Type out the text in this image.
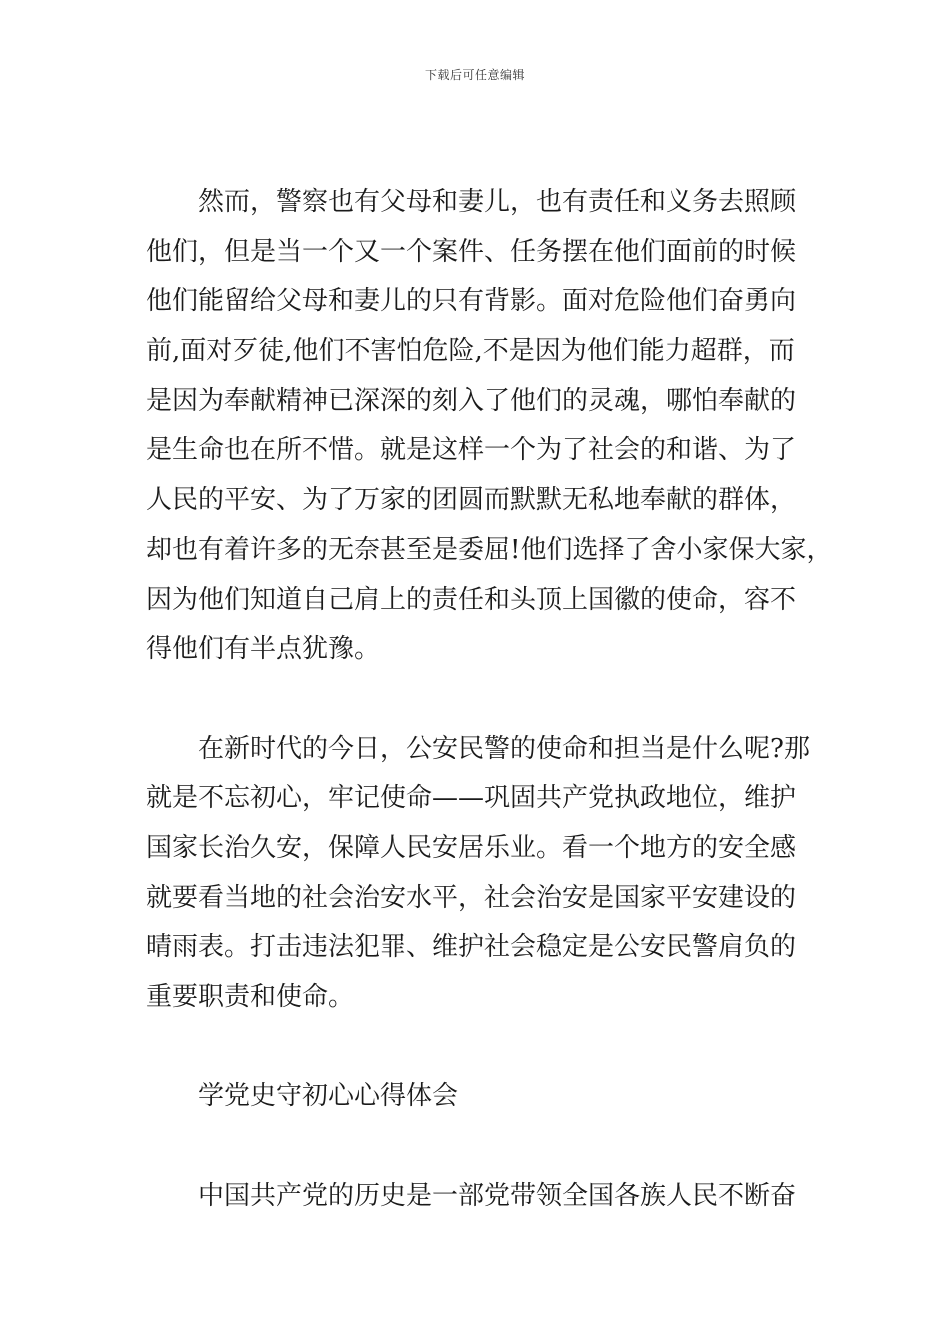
下载后可任意编辑
然而，警察也有父母和妻儿，也有责任和义务去照顾
他们，但是当一个又一个案件、任务摆在他们面前的时候
他们能留给父母和妻儿的只有背影。面对危险他们奋勇向
前,面对歹徒,他们不害怕危险,不是因为他们能力超群，而
是因为奉献精神已深深的刻入了他们的灵魂，哪怕奉献的
是生命也在所不惜。就是这样一个为了社会的和谐、为了
人民的平安、为了万家的团圆而默默无私地奉献的群体，
却也有着许多的无奈甚至是委屈!他们选择了舍小家保大家，
因为他们知道自己肩上的责任和头顶上国徽的使命，容不
得他们有半点犹豫。
在新时代的今日，公安民警的使命和担当是什么呢?那
就是不忘初心，牢记使命——巩固共产党执政地位，维护
国家长治久安，保障人民安居乐业。看一个地方的安全感
就要看当地的社会治安水平，社会治安是国家平安建设的
晴雨表。打击违法犯罪、维护社会稳定是公安民警肩负的
重要职责和使命。
学党史守初心心得体会
中国共产党的历史是一部党带领全国各族人民不断奋
